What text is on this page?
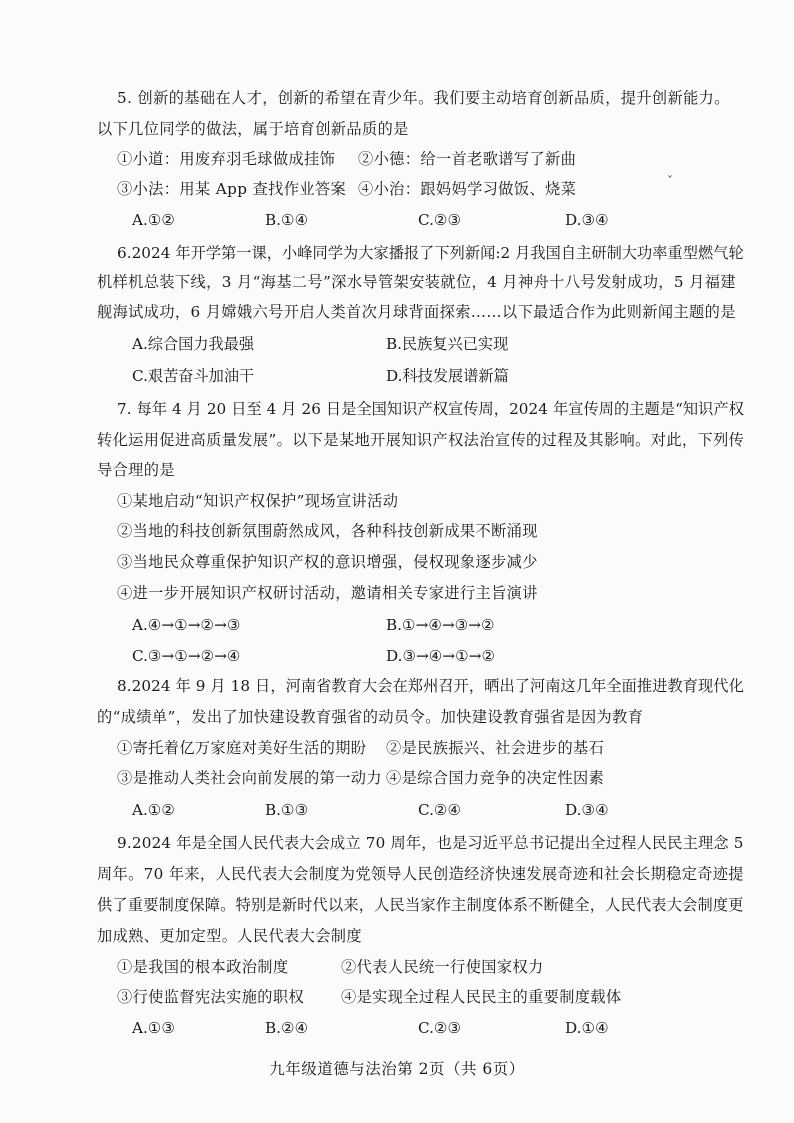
5. 创新的基础在人才，创新的希望在青少年。我们要主动培育创新品质，提升创新能力。
以下几位同学的做法，属于培育创新品质的是
①小道：用废弃羽毛球做成挂饰 ②小德：给一首老歌谱写了新曲
③小法：用某 App 查找作业答案 ④小治：跟妈妈学习做饭、烧菜	ˇ
A.①②	B.①④	C.②③	D.③④
6.2024 年开学第一课，小峰同学为大家播报了下列新闻:2 月我国自主研制大功率重型燃气轮
机样机总装下线，3 月“海基二号”深水导管架安装就位，4 月神舟十八号发射成功，5 月福建
舰海试成功，6 月嫦娥六号开启人类首次月球背面探索……以下最适合作为此则新闻主题的是
A.综合国力我最强	B.民族复兴已实现
C.艰苦奋斗加油干	D.科技发展谱新篇
7. 每年 4 月 20 日至 4 月 26 日是全国知识产权宣传周，2024 年宣传周的主题是“知识产权
转化运用促进高质量发展”。以下是某地开展知识产权法治宣传的过程及其影响。对此，下列传
导合理的是
①某地启动“知识产权保护”现场宣讲活动
②当地的科技创新氛围蔚然成风，各种科技创新成果不断涌现
③当地民众尊重保护知识产权的意识增强，侵权现象逐步减少
④进一步开展知识产权研讨活动，邀请相关专家进行主旨演讲
A.④→①→②→③	B.①→④→③→②
C.③→①→②→④	D.③→④→①→②
8.2024 年 9 月 18 日，河南省教育大会在郑州召开，晒出了河南这几年全面推进教育现代化
的“成绩单”，发出了加快建设教育强省的动员令。加快建设教育强省是因为教育
①寄托着亿万家庭对美好生活的期盼 ②是民族振兴、社会进步的基石
③是推动人类社会向前发展的第一动力 ④是综合国力竞争的决定性因素
A.①②	B.①③	C.②④	D.③④
9.2024 年是全国人民代表大会成立 70 周年，也是习近平总书记提出全过程人民民主理念 5
周年。70 年来，人民代表大会制度为党领导人民创造经济快速发展奇迹和社会长期稳定奇迹提
供了重要制度保障。特别是新时代以来，人民当家作主制度体系不断健全，人民代表大会制度更
加成熟、更加定型。人民代表大会制度
①是我国的根本政治制度	②代表人民统一行使国家权力
③行使监督宪法实施的职权 ④是实现全过程人民民主的重要制度载体
A.①③	B.②④	C.②③	D.①④
九年级道德与法治第 2页（共 6页）
